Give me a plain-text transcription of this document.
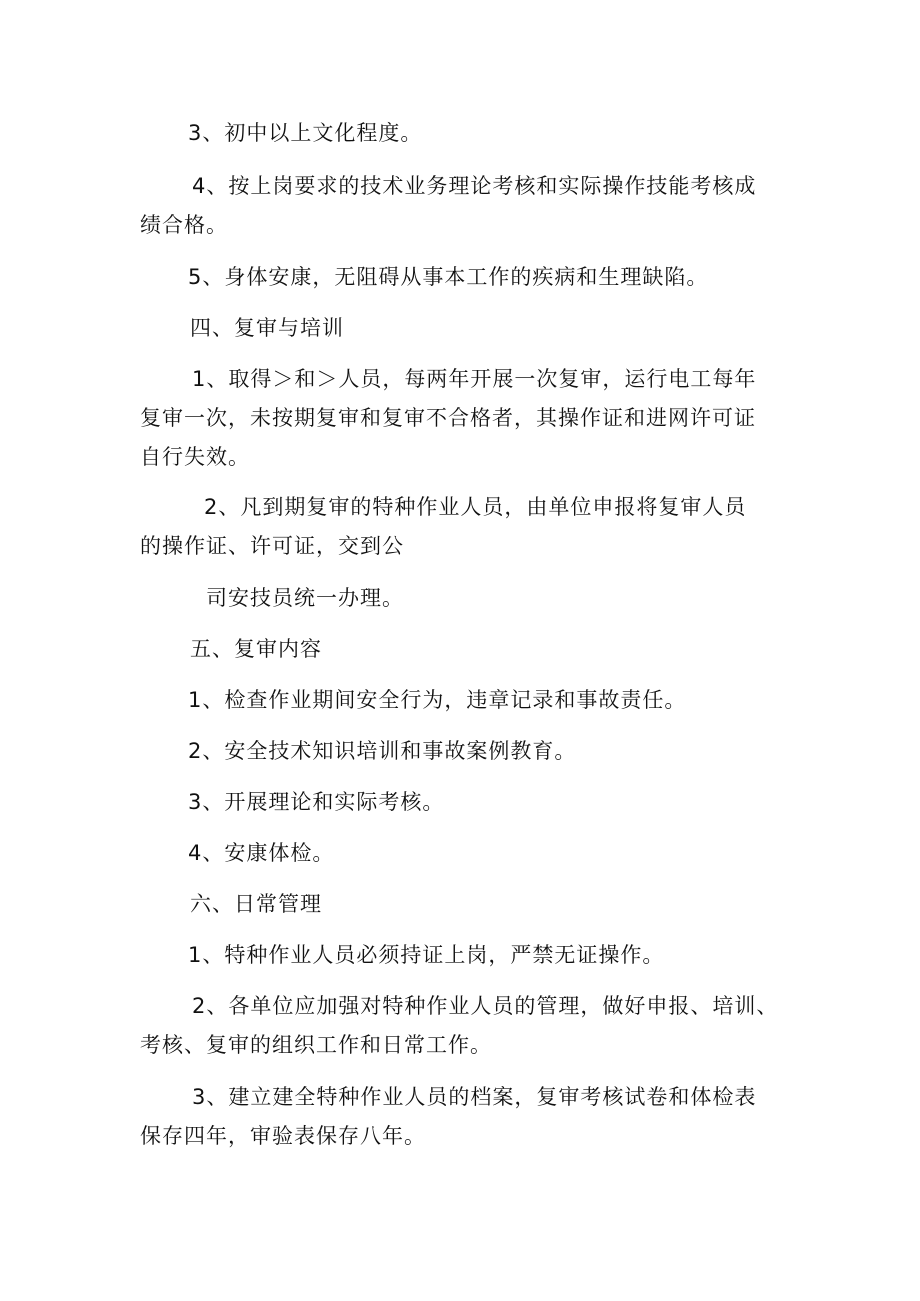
3、初中以上文化程度。
4、按上岗要求的技术业务理论考核和实际操作技能考核成
绩合格。
5、身体安康，无阻碍从事本工作的疾病和生理缺陷。
四、复审与培训
1、取得＞和＞人员，每两年开展一次复审，运行电工每年
复审一次，未按期复审和复审不合格者，其操作证和进网许可证
自行失效。
2、凡到期复审的特种作业人员，由单位申报将复审人员
的操作证、许可证，交到公
司安技员统一办理。
五、复审内容
1、检查作业期间安全行为，违章记录和事故责任。
2、安全技术知识培训和事故案例教育。
3、开展理论和实际考核。
4、安康体检。
六、日常管理
1、特种作业人员必须持证上岗，严禁无证操作。
2、各单位应加强对特种作业人员的管理，做好申报、培训、
考核、复审的组织工作和日常工作。
3、建立建全特种作业人员的档案，复审考核试卷和体检表
保存四年，审验表保存八年。
